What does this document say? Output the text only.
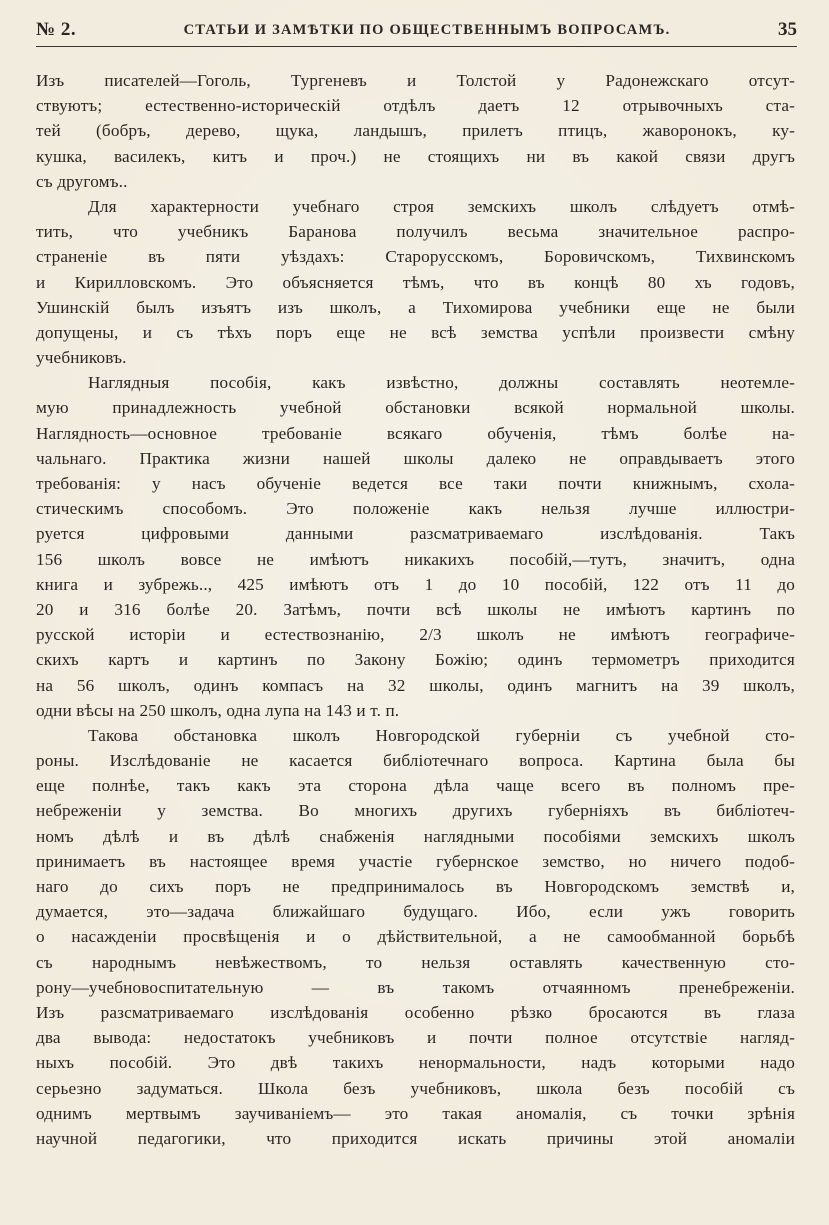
№ 2.	СТАТЬИ И ЗАМѢТКИ ПО ОБЩЕСТВЕННЫМЪ ВОПРОСАМЪ.	35
Изъ писателей—Гоголь, Тургеневъ и Толстой у Радонежскаго отсут-
ствуютъ; естественно-историческій отдѣлъ даетъ 12 отрывочныхъ ста-
тей (бобръ, дерево, щука, ландышъ, прилетъ птицъ, жаворонокъ, ку-
кушка, василекъ, китъ и проч.) не стоящихъ ни въ какой связи другъ
съ другомъ..
Для характерности учебнаго строя земскихъ школъ слѣдуетъ отмѣ-
тить, что учебникъ Баранова получилъ весьма значительное распро-
страненіе въ пяти уѣздахъ: Старорусскомъ, Боровичскомъ, Тихвинскомъ
и Кирилловскомъ. Это объясняется тѣмъ, что въ концѣ 80 хъ годовъ,
Ушинскій былъ изъятъ изъ школъ, а Тихомирова учебники еще не были
допущены, и съ тѣхъ поръ еще не всѣ земства успѣли произвести смѣну
учебниковъ.
Наглядныя пособія, какъ извѣстно, должны составлять неотемле-
мую принадлежность учебной обстановки всякой нормальной школы.
Наглядность—основное требованіе всякаго обученія, тѣмъ болѣе на-
чальнаго. Практика жизни нашей школы далеко не оправдываетъ этого
требованія: у насъ обученіе ведется все таки почти книжнымъ, схола-
стическимъ способомъ. Это положеніе какъ нельзя лучше иллюстри-
руется цифровыми данными разсматриваемаго изслѣдованія. Такъ
156 школъ вовсе не имѣютъ никакихъ пособій,—тутъ, значитъ, одна
книга и зубрежь.., 425 имѣютъ отъ 1 до 10 пособій, 122 отъ 11 до
20 и 316 болѣе 20. Затѣмъ, почти всѣ школы не имѣютъ картинъ по
русской исторіи и естествознанію, 2/3 школъ не имѣютъ географиче-
скихъ картъ и картинъ по Закону Божію; одинъ термометръ приходится
на 56 школъ, одинъ компасъ на 32 школы, одинъ магнитъ на 39 школъ,
одни вѣсы на 250 школъ, одна лупа на 143 и т. п.
Такова обстановка школъ Новгородской губерніи съ учебной сто-
роны. Изслѣдованіе не касается библіотечнаго вопроса. Картина была бы
еще полнѣе, такъ какъ эта сторона дѣла чаще всего въ полномъ пре-
небреженіи у земства. Во многихъ другихъ губерніяхъ въ библіотеч-
номъ дѣлѣ и въ дѣлѣ снабженія наглядными пособіями земскихъ школъ
принимаетъ въ настоящее время участіе губернское земство, но ничего подоб-
наго до сихъ поръ не предпринималось въ Новгородскомъ земствѣ и,
думается, это—задача ближайшаго будущаго. Ибо, если ужъ говорить
о насажденіи просвѣщенія и о дѣйствительной, а не самообманной борьбѣ
съ народнымъ невѣжествомъ, то нельзя оставлять качественную сто-
рону—учебновоспитательную — въ такомъ отчаянномъ пренебреженіи.
Изъ разсматриваемаго изслѣдованія особенно рѣзко бросаются въ глаза
два вывода: недостатокъ учебниковъ и почти полное отсутствіе нагляд-
ныхъ пособій. Это двѣ такихъ ненормальности, надъ которыми надо
серьезно задуматься. Школа безъ учебниковъ, школа безъ пособій съ
однимъ мертвымъ заучиваніемъ— это такая аномалія, съ точки зрѣнія
научной педагогики, что приходится искать причины этой аномаліи
